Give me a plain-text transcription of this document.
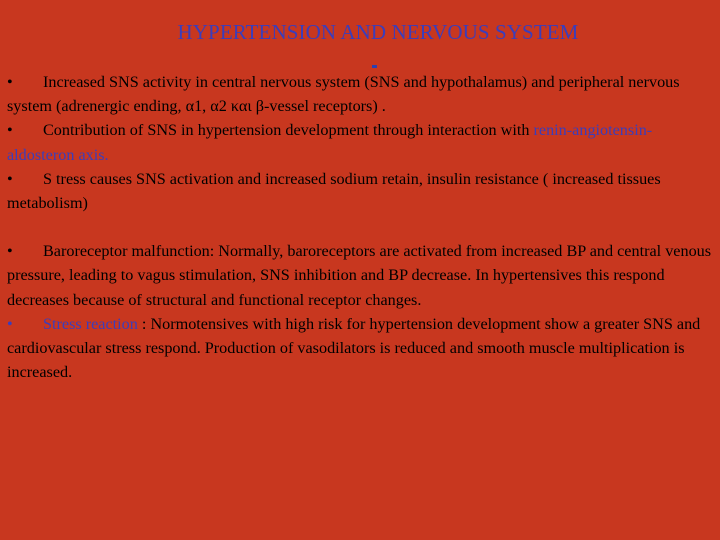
HYPERTENSION AND NERVOUS SYSTEM

• Increased SNS activity in central nervous system (SNS and hypothalamus) and peripheral nervous system (adrenergic ending, α1, α2 και β-vessel receptors) .

• Contribution of SNS in hypertension development through interaction with renin-angiotensin-aldosteron axis.

• S tress causes SNS activation and increased sodium retain, insulin resistance ( increased tissues metabolism)

• Baroreceptor malfunction: Normally, baroreceptors are activated from increased BP and central venous pressure, leading to vagus stimulation, SNS inhibition and BP decrease. In hypertensives this respond decreases because of structural and functional receptor changes.

• Stress reaction : Normotensives with high risk for hypertension development show a greater SNS and cardiovascular stress respond. Production of vasodilators is reduced and smooth muscle multiplication is increased.
